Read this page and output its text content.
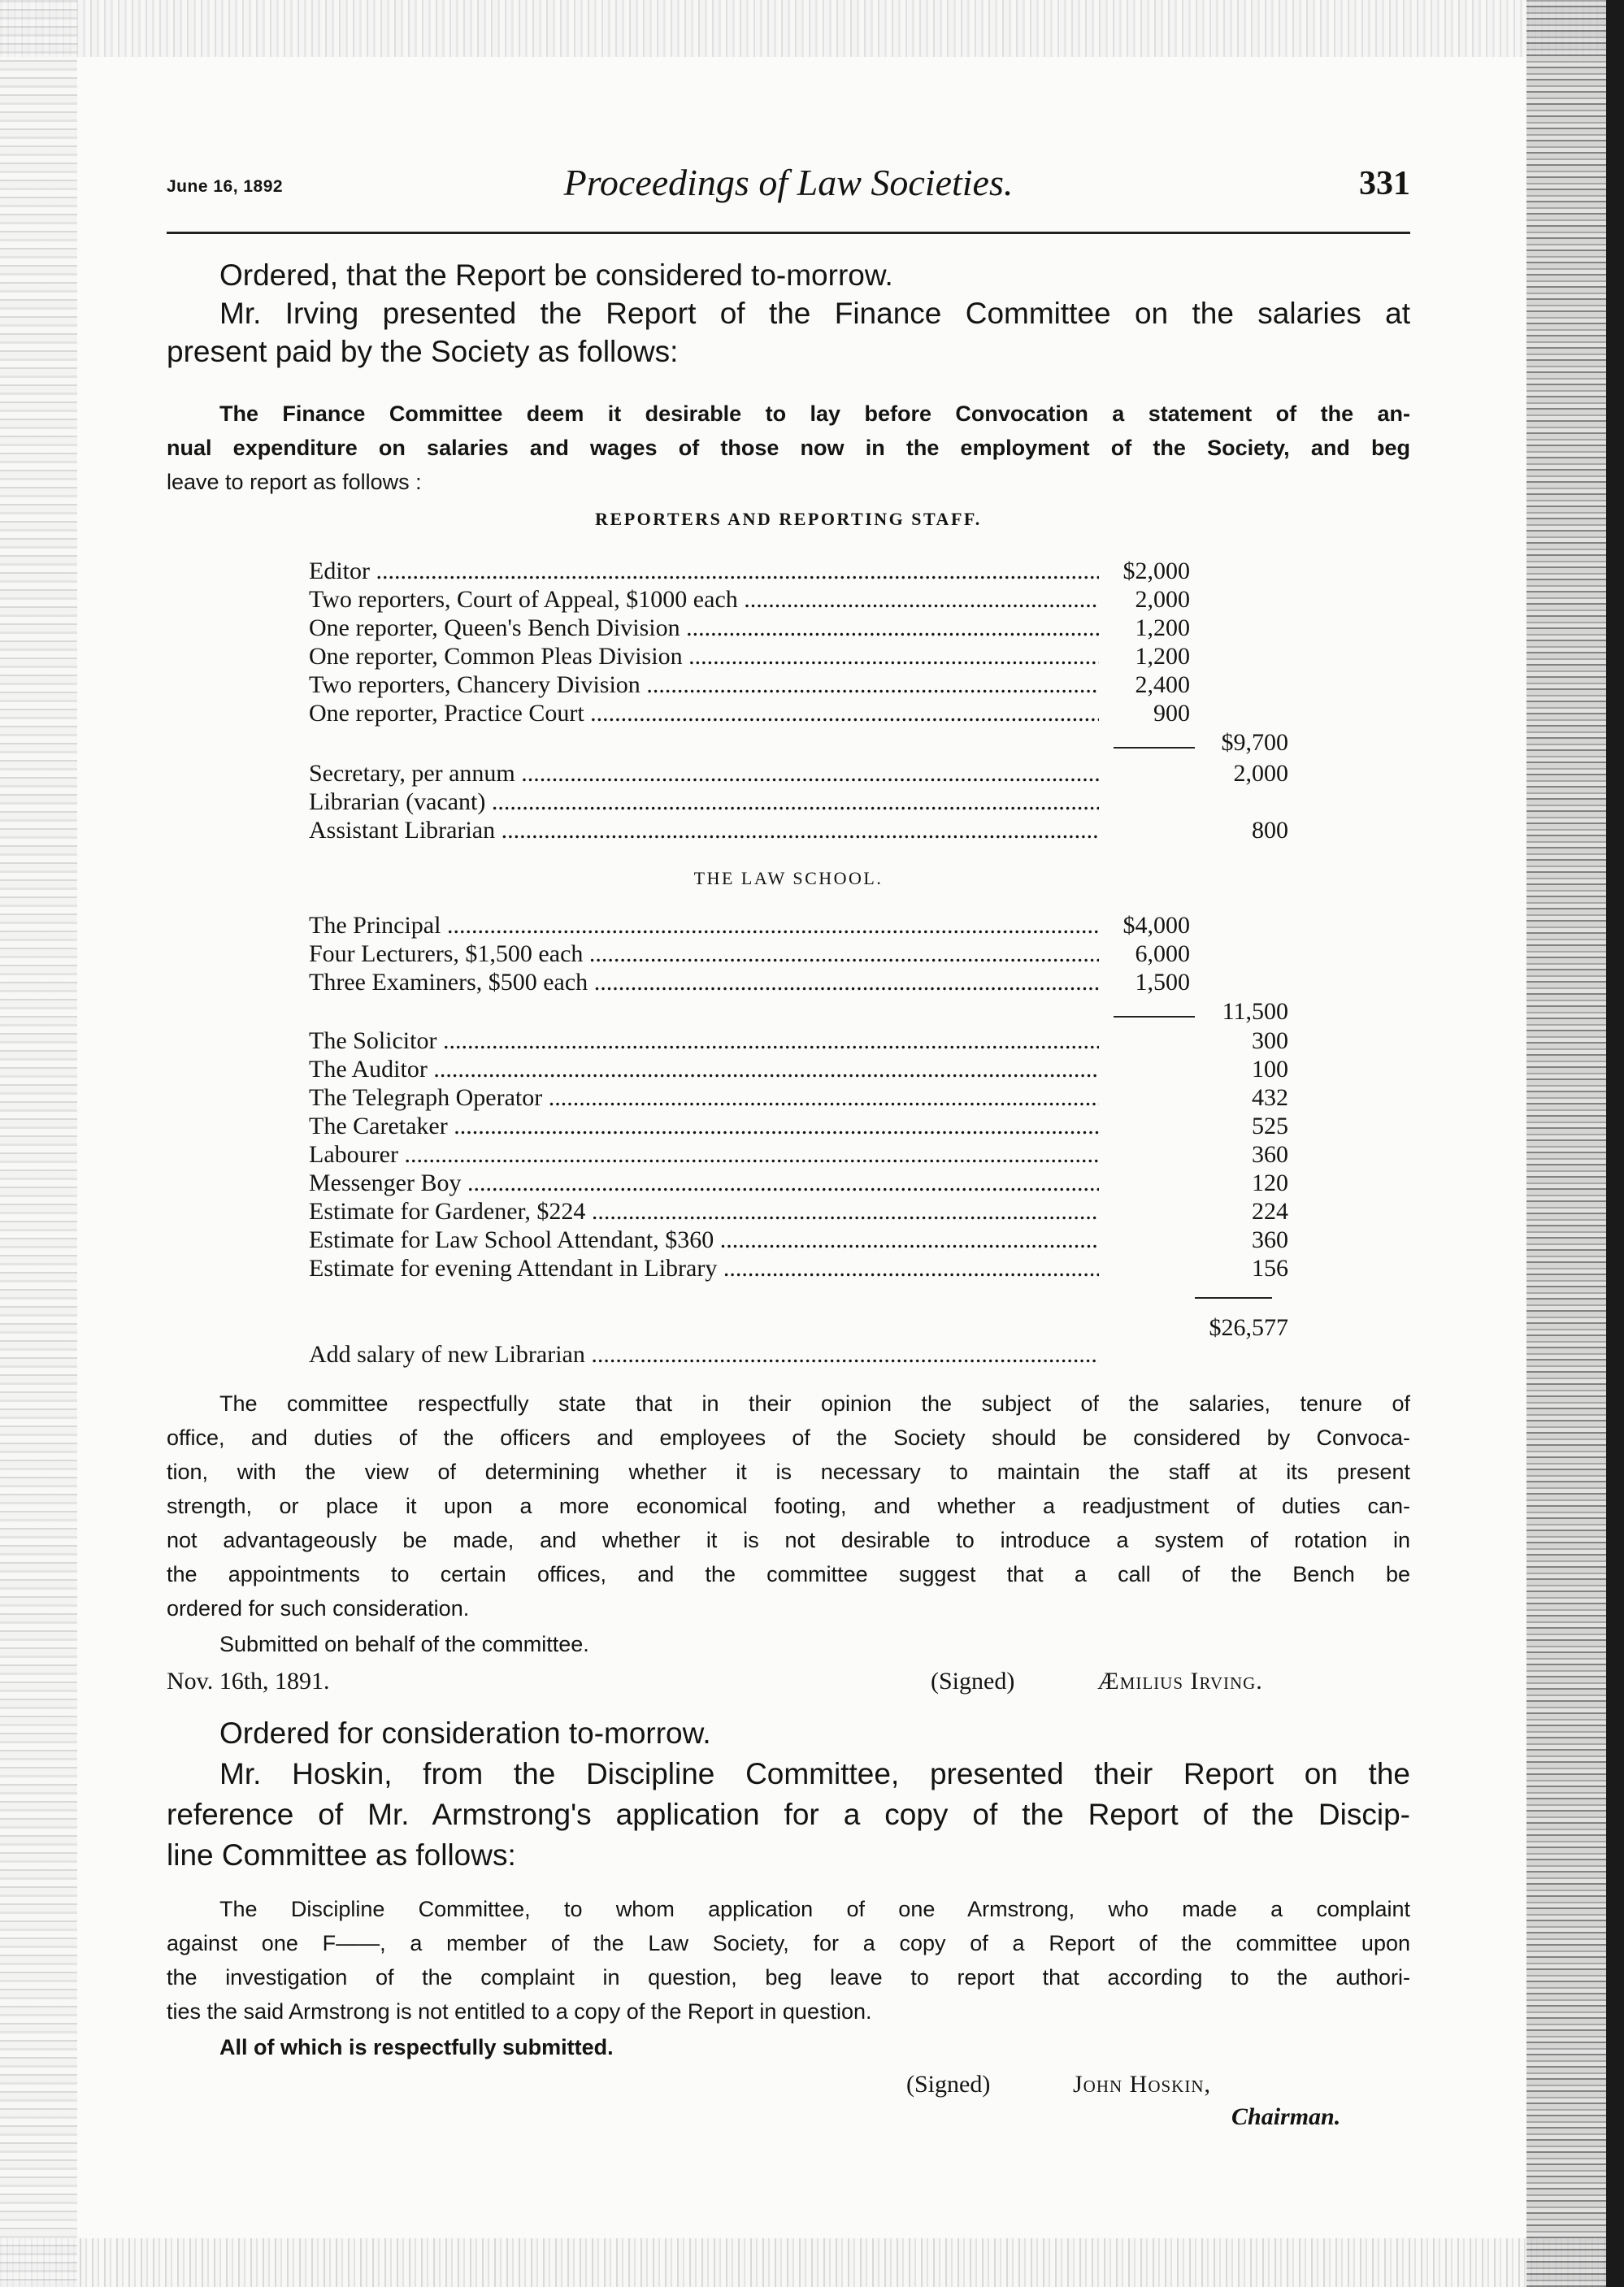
June 16, 1892	Proceedings of Law Societies.	331
Ordered, that the Report be considered to-morrow.
Mr. Irving presented the Report of the Finance Committee on the salaries at
present paid by the Society as follows:
The Finance Committee deem it desirable to lay before Convocation a statement of the an-
nual expenditure on salaries and wages of those now in the employment of the Society, and beg
leave to report as follows :
REPORTERS AND REPORTING STAFF.
Editor .....	$2,000
Two reporters, Court of Appeal, $1000 each .....	2,000
One reporter, Queen's Bench Division .....	1,200
One reporter, Common Pleas Division .....	1,200
Two reporters, Chancery Division .....	2,400
One reporter, Practice Court .....	900
$9,700
Secretary, per annum .....	2,000
Librarian (vacant) .....
Assistant Librarian .....	800
THE LAW SCHOOL.
The Principal .....	$4,000
Four Lecturers, $1,500 each .....	6,000
Three Examiners, $500 each .....	1,500
11,500
The Solicitor .....	300
The Auditor .....	100
The Telegraph Operator .....	432
The Caretaker .....	525
Labourer .....	360
Messenger Boy .....	120
Estimate for Gardener, $224 .....	224
Estimate for Law School Attendant, $360 .....	360
Estimate for evening Attendant in Library .....	156
$26,577
Add salary of new Librarian .....
The committee respectfully state that in their opinion the subject of the salaries, tenure of
office, and duties of the officers and employees of the Society should be considered by Convoca-
tion, with the view of determining whether it is necessary to maintain the staff at its present
strength, or place it upon a more economical footing, and whether a readjustment of duties can-
not advantageously be made, and whether it is not desirable to introduce a system of rotation in
the appointments to certain offices, and the committee suggest that a call of the Bench be
ordered for such consideration.
Submitted on behalf of the committee.
Nov. 16th, 1891.	(Signed)	Æmilius Irving.
Ordered for consideration to-morrow.
Mr. Hoskin, from the Discipline Committee, presented their Report on the
reference of Mr. Armstrong's application for a copy of the Report of the Discip-
line Committee as follows:
The Discipline Committee, to whom application of one Armstrong, who made a complaint
against one F——, a member of the Law Society, for a copy of a Report of the committee upon
the investigation of the complaint in question, beg leave to report that according to the authori-
ties the said Armstrong is not entitled to a copy of the Report in question.
All of which is respectfully submitted.
(Signed)	John Hoskin,
Chairman.
